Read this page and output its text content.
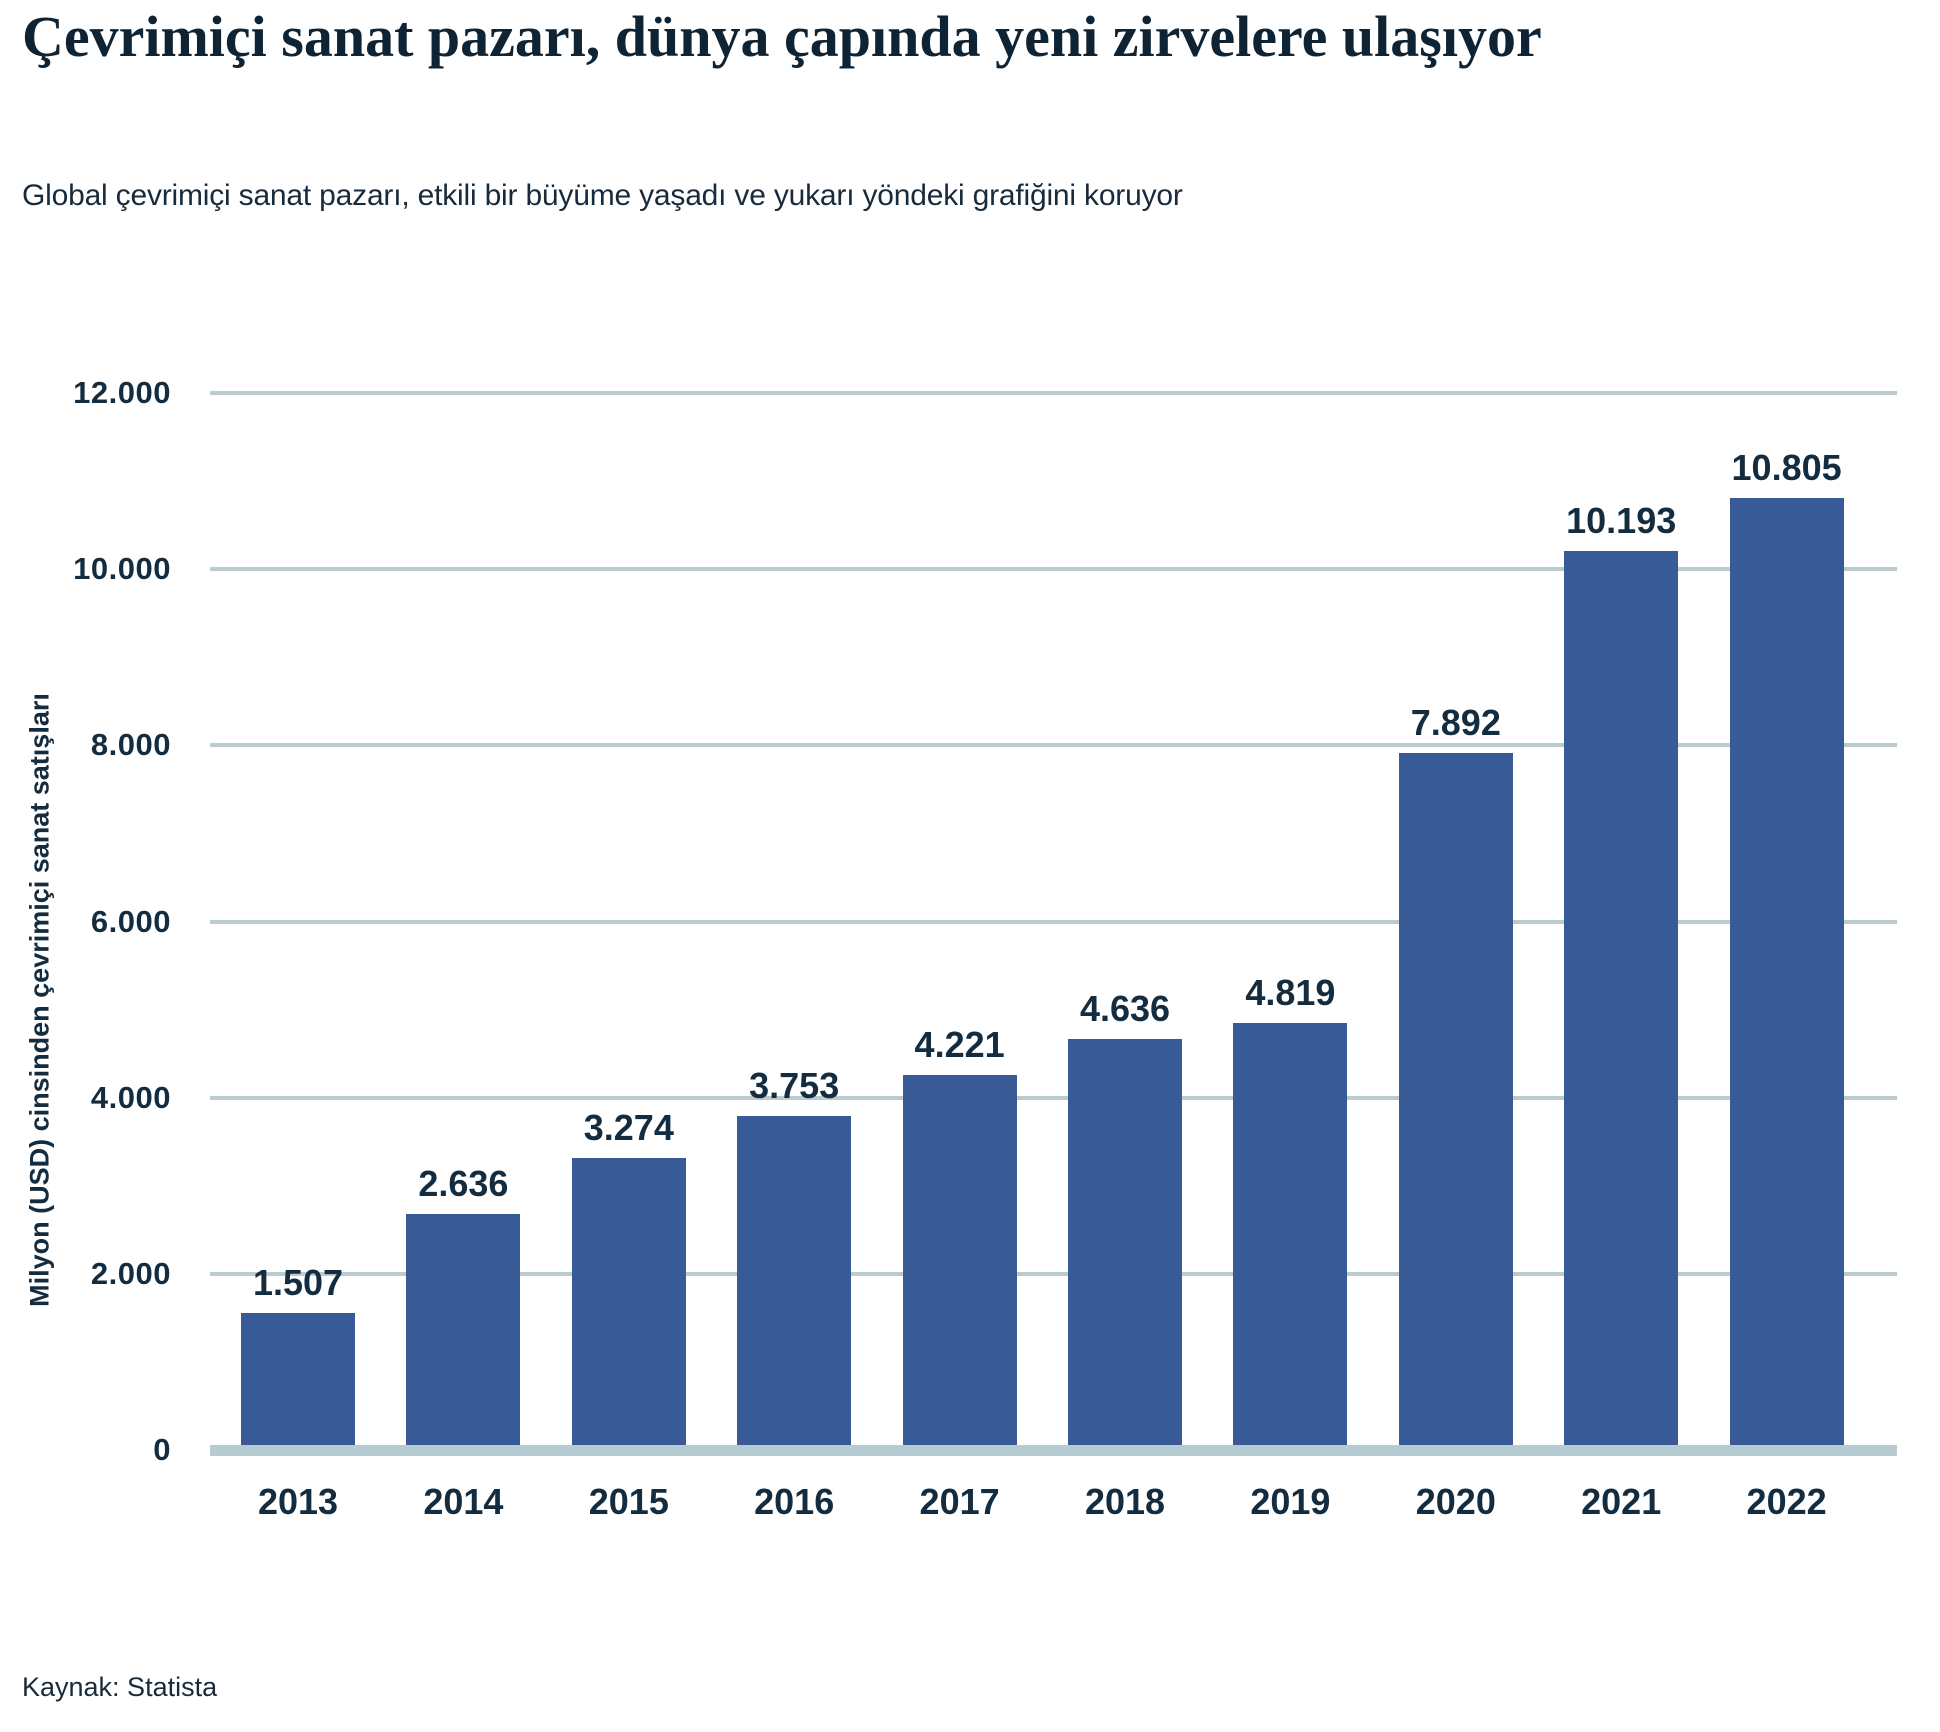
Çevrimiçi sanat pazarı, dünya çapında yeni zirvelere ulaşıyor

Global çevrimiçi sanat pazarı, etkili bir büyüme yaşadı ve yukarı yöndeki grafiğini koruyor

Milyon (USD) cinsinden çevrimiçi sanat satışları
0
2.000
4.000
6.000
8.000
10.000
12.000
1.507
2013
2.636
2014
3.274
2015
3.753
2016
4.221
2017
4.636
2018
4.819
2019
7.892
2020
10.193
2021
10.805
2022
Kaynak: Statista
